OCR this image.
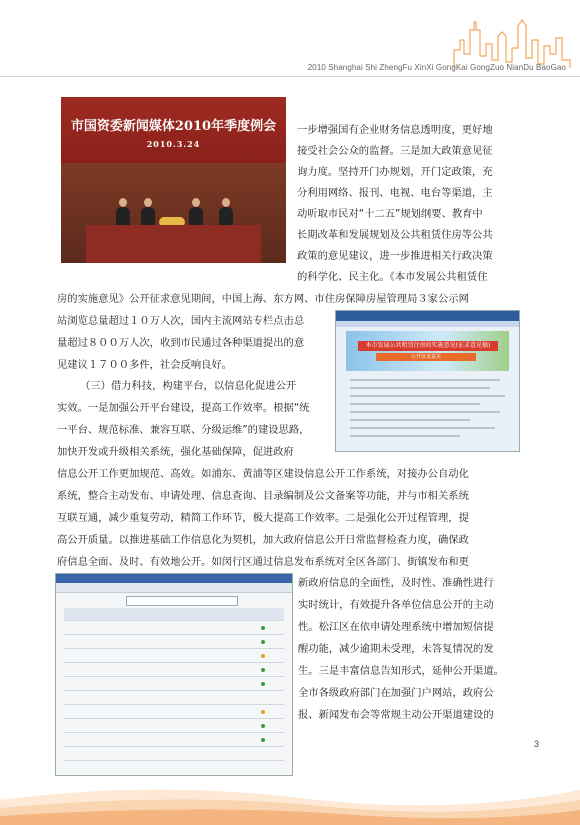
2010 Shanghai Shi ZhengFu XinXi GongKai GongZuo NianDu BaoGao
市国资委新闻媒体2010年季度例会
2010.3.24
一步增强国有企业财务信息透明度，更好地
接受社会公众的监督。三是加大政策意见征
询力度。坚持开门办规划，开门定政策，充
分利用网络、报刊、电视、电台等渠道，主
动听取市民对“十二五”规划纲要、教育中
长期改革和发展规划及公共租赁住房等公共
政策的意见建议，进一步推进相关行政决策
的科学化、民主化。《本市发展公共租赁住
房的实施意见》公开征求意见期间，中国上海、东方网、市住房保障房屋管理局３家公示网
站浏览总量超过１０万人次，国内主流网站专栏点击总
量超过８００万人次，收到市民通过各种渠道提出的意
见建议１７００多件，社会反响良好。
本市发展公共租赁住房的实施意见(征求意见稿)
公开征求意见
（三）借力科技，构建平台，以信息化促进公开
实效。一是加强公开平台建设，提高工作效率。根据“统
一平台、规范标准、兼容互联、分级运维”的建设思路，
加快开发或升级相关系统，强化基础保障，促进政府
信息公开工作更加规范、高效。如浦东、黄浦等区建设信息公开工作系统，对接办公自动化
系统，整合主动发布、申请处理、信息查询、目录编制及公文备案等功能，并与市相关系统
互联互通，减少重复劳动，精简工作环节，极大提高工作效率。二是强化公开过程管理，提
高公开质量。以推进基础工作信息化为契机，加大政府信息公开日常监督检查力度，确保政
府信息全面、及时、有效地公开。如闵行区通过信息发布系统对全区各部门、街镇发布和更
新政府信息的全面性，及时性、准确性进行
实时统计，有效提升各单位信息公开的主动
性。松江区在依申请处理系统中增加短信提
醒功能，减少逾期未受理，未答复情况的发
生。三是丰富信息告知形式，延伸公开渠道。
全市各级政府部门在加强门户网站，政府公
报、新闻发布会等常规主动公开渠道建设的
3
